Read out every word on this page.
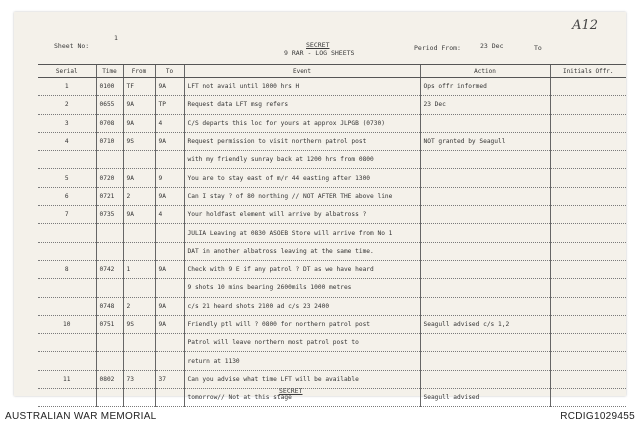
Sheet No:
1
SECRET
9 RAR - LOG SHEETS
Period From:	23 Dec	To
A12
Serial	Time	From	To	Event	Action	Initials Offr.
1	0100	TF	9A	LFT not avail until 1000 hrs H	Ops offr informed	
2	0655	9A	TP	Request data LFT msg refers	23 Dec	
3	0708	9A	4	C/S departs this loc for yours at approx JLPGB (0730)		
4	0710	9S	9A	Request permission to visit northern patrol post	NOT granted by Seagull	
				with my friendly sunray back at 1200 hrs from 0800		
5	0720	9A	9	You are to stay east of m/r 44 easting after 1300		
6	0721	2	9A	Can I stay ? of 80 northing // NOT AFTER THE above line		
7	0735	9A	4	Your holdfast element will arrive by albatross ?		
				JULIA Leaving at 0830 ASOEB Store will arrive from No 1		
				DAT in another albatross leaving at the same time.		
8	0742	1	9A	Check with 9 E if any patrol ? DT as we have heard		
				9 shots 10 mins bearing 2600mils 1000 metres		
	0748	2	9A	c/s 21 heard shots 2100 ad c/s 23 2400		
10	0751	9S	9A	Friendly ptl will ? 0800 for northern patrol post	Seagull advised c/s 1,2	
				Patrol will leave northern most patrol post to		
				return at 1130		
11	0802	73	37	Can you advise what time LFT will be available		
				tomorrow// Not at this stage	Seagull advised	
SECRET
AUSTRALIAN WAR MEMORIAL	RCDIG1029455
